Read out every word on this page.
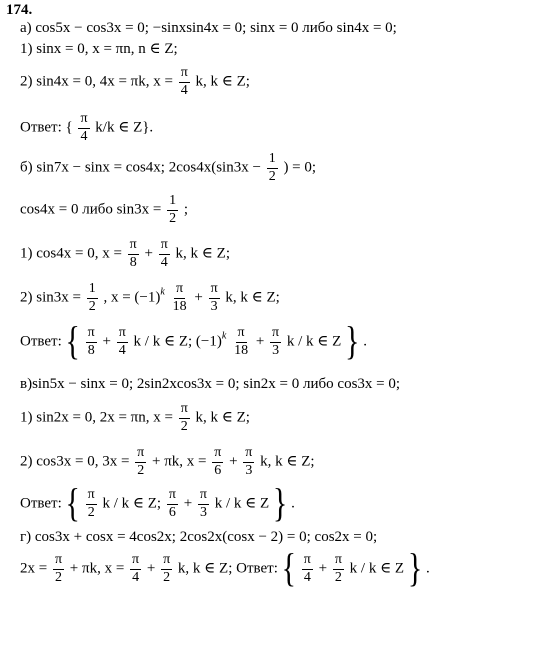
174.
а) cos5x − cos3x = 0; −sinxsin4x = 0; sinx = 0 либо sin4x = 0;
1) sinx = 0, x = πn, n ∈ Z;
2) sin4x = 0, 4x = πk, $x = \frac{\pi}{4} k$, k ∈ Z;
Ответ: { $\frac{\pi}{4} k/k$ ∈ Z}.
б) sin7x − sinx = cos4x; $2\cos 4x(\sin 3x - \frac{1}{2}$ ) = 0;
cos4x = 0 либо $\sin 3x = \frac{1}{2}$ ;
1) cos4x = 0, $x = \frac{\pi}{8} + \frac{\pi}{4} k$, k ∈ Z;
2) $\sin 3x = \frac{1}{2}$ , $x = (-1)^k \frac{\pi}{18} + \frac{\pi}{3} k$, k ∈ Z;
Ответ: { $\frac{\pi}{8} + \frac{\pi}{4}$ k / k ∈ Z; $(-1)^k \frac{\pi}{18} + \frac{\pi}{3}$ k / k ∈ Z } .
в)sin5x − sinx = 0; 2sin2xcos3x = 0; sin2x = 0 либо cos3x = 0;
1) sin2x = 0, 2x = πn, $x = \frac{\pi}{2} k$, k ∈ Z;
2) cos3x = 0, $3x = \frac{\pi}{2} + \pi k$, $x = \frac{\pi}{6} + \frac{\pi}{3} k$, k ∈ Z;
Ответ: { $\frac{\pi}{2}$ k / k ∈ Z; $\frac{\pi}{6} + \frac{\pi}{3}$ k / k ∈ Z } .
г) cos3x + cosx = 4cos2x; 2cos2x(cosx − 2) = 0; cos2x = 0;
$2x = \frac{\pi}{2} + \pi k$, $x = \frac{\pi}{4} + \frac{\pi}{2} k$, k ∈ Z; Ответ: { $\frac{\pi}{4} + \frac{\pi}{2}$ k / k ∈ Z } .
